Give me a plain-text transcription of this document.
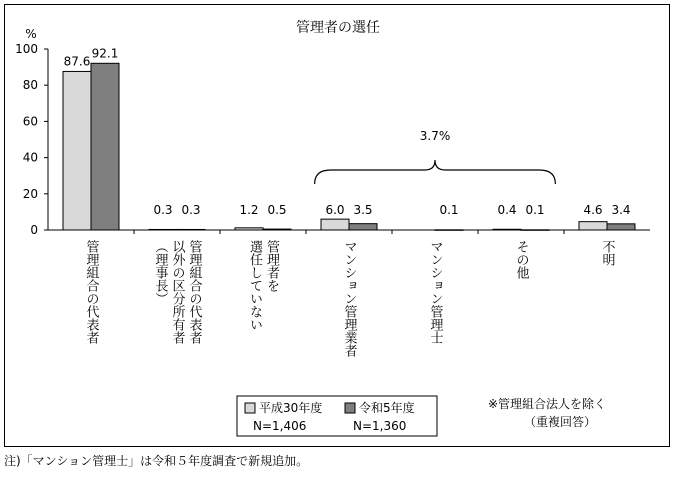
管理者の選任
0
20
40
60
80
100
%
87.6
0.3	1.2	6.0	0.4	4.6
92.1
0.3	0.5	3.5	0.1	0.1	3.4
3.7%
管理組合の代表者	管理組合の代表者
以外の区分所有者
（理事長）	管理者を
選任していない	マンション管理業者	マンション管理士	その他	不明
平成30年度
N=1,406
令和5年度
N=1,360
※管理組合法人を除く
（重複回答）
注)「マンション管理士」は令和５年度調査で新規追加。
